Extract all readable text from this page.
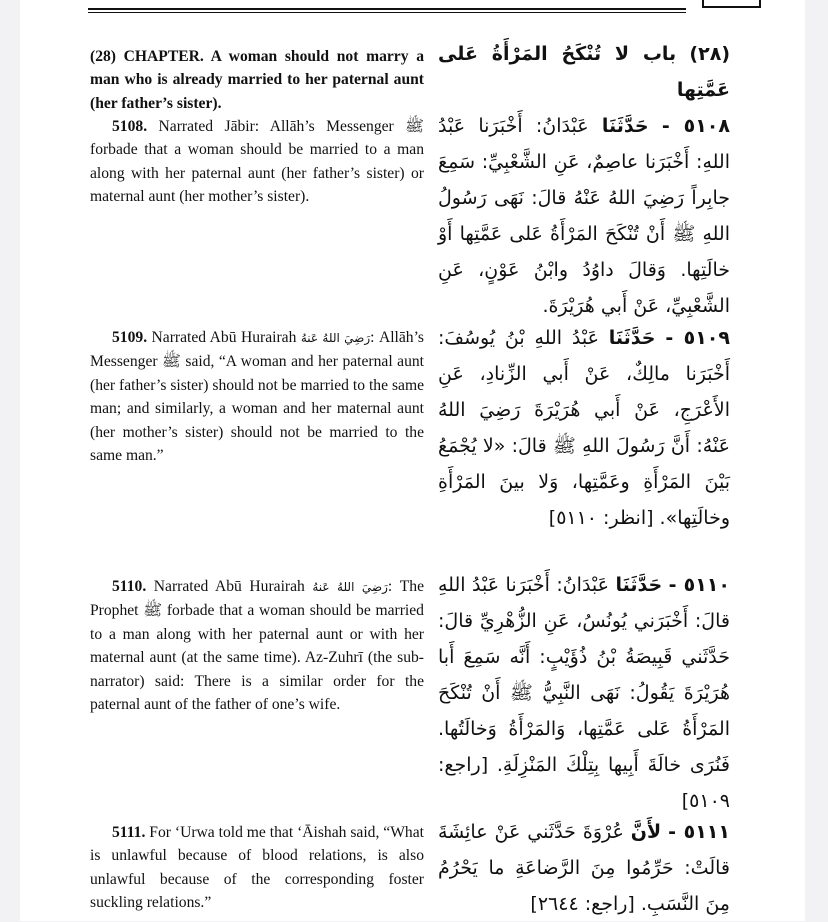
(28) CHAPTER. A woman should not marry a man who is already married to her paternal aunt (her father’s sister).
5108. Narrated Jābir: Allāh’s Messenger ﷺ forbade that a woman should be married to a man along with her paternal aunt (her father’s sister) or maternal aunt (her mother’s sister).
5109. Narrated Abū Hurairah رَضِيَ اللهُ عَنهُ: Allāh’s Messenger ﷺ said, “A woman and her paternal aunt (her father’s sister) should not be married to the same man; and similarly, a woman and her maternal aunt (her mother’s sister) should not be married to the same man.”
5110. Narrated Abū Hurairah رَضِيَ اللهُ عَنهُ: The Prophet ﷺ forbade that a woman should be married to a man along with her paternal aunt or with her maternal aunt (at the same time). Az-Zuhrī (the sub-narrator) said: There is a similar order for the paternal aunt of the father of one’s wife.
5111. For ‘Urwa told me that ‘Āishah said, “What is unlawful because of blood relations, is also unlawful because of the corresponding foster suckling relations.”
(٢٨) باب لا تُنْكَحُ المَرْأَةُ عَلى عَمَّتِها
٥١٠٨ - حَدَّثَنَا عَبْدَانُ: أَخْبَرَنا عَبْدُ اللهِ: أَخْبَرَنا عاصِمٌ، عَنِ الشَّعْبِيِّ: سَمِعَ جابِراً رَضِيَ اللهُ عَنْهُ قالَ: نَهَى رَسُولُ اللهِ ﷺ أَنْ تُنْكَحَ المَرْأَةُ عَلى عَمَّتِها أَوْ خالَتِها. وَقالَ داوُدُ وابْنُ عَوْنٍ، عَنِ الشَّعْبِيِّ، عَنْ أَبي هُرَيْرَةَ.
٥١٠٩ - حَدَّثَنَا عَبْدُ اللهِ بْنُ يُوسُفَ: أَخْبَرَنا مالِكٌ، عَنْ أَبي الزِّنادِ، عَنِ الأَعْرَجِ، عَنْ أَبي هُرَيْرَةَ رَضِيَ اللهُ عَنْهُ: أَنَّ رَسُولَ اللهِ ﷺ قالَ: «لا يُجْمَعُ بَيْنَ المَرْأَةِ وعَمَّتِها، وَلا بينَ المَرْأَةِ وخالَتِها». [انظر: ٥١١٠]
٥١١٠ - حَدَّثَنَا عَبْدَانُ: أَخْبَرَنا عَبْدُ اللهِ قالَ: أَخْبَرَني يُونُسُ، عَنِ الزُّهْرِيِّ قالَ: حَدَّثَني قَبِيصَةُ بْنُ ذُؤَيْبٍ: أَنَّه سَمِعَ أَبا هُرَيْرَةَ يَقُولُ: نَهَى النَّبِيُّ ﷺ أَنْ تُنْكَحَ المَرْأَةُ عَلى عَمَّتِها، وَالمَرْأَةُ وَخالَتُها. فَنُرَى خالَةَ أَبِيها بِتِلْكَ المَنْزِلَةِ. [راجع: ٥١٠٩]
٥١١١ - لأَنَّ عُرْوَةَ حَدَّثَني عَنْ عائِشَةَ قالَتْ: حَرِّمُوا مِنَ الرَّضاعَةِ ما يَحْرُمُ مِنَ النَّسَبِ. [راجع: ٢٦٤٤]
